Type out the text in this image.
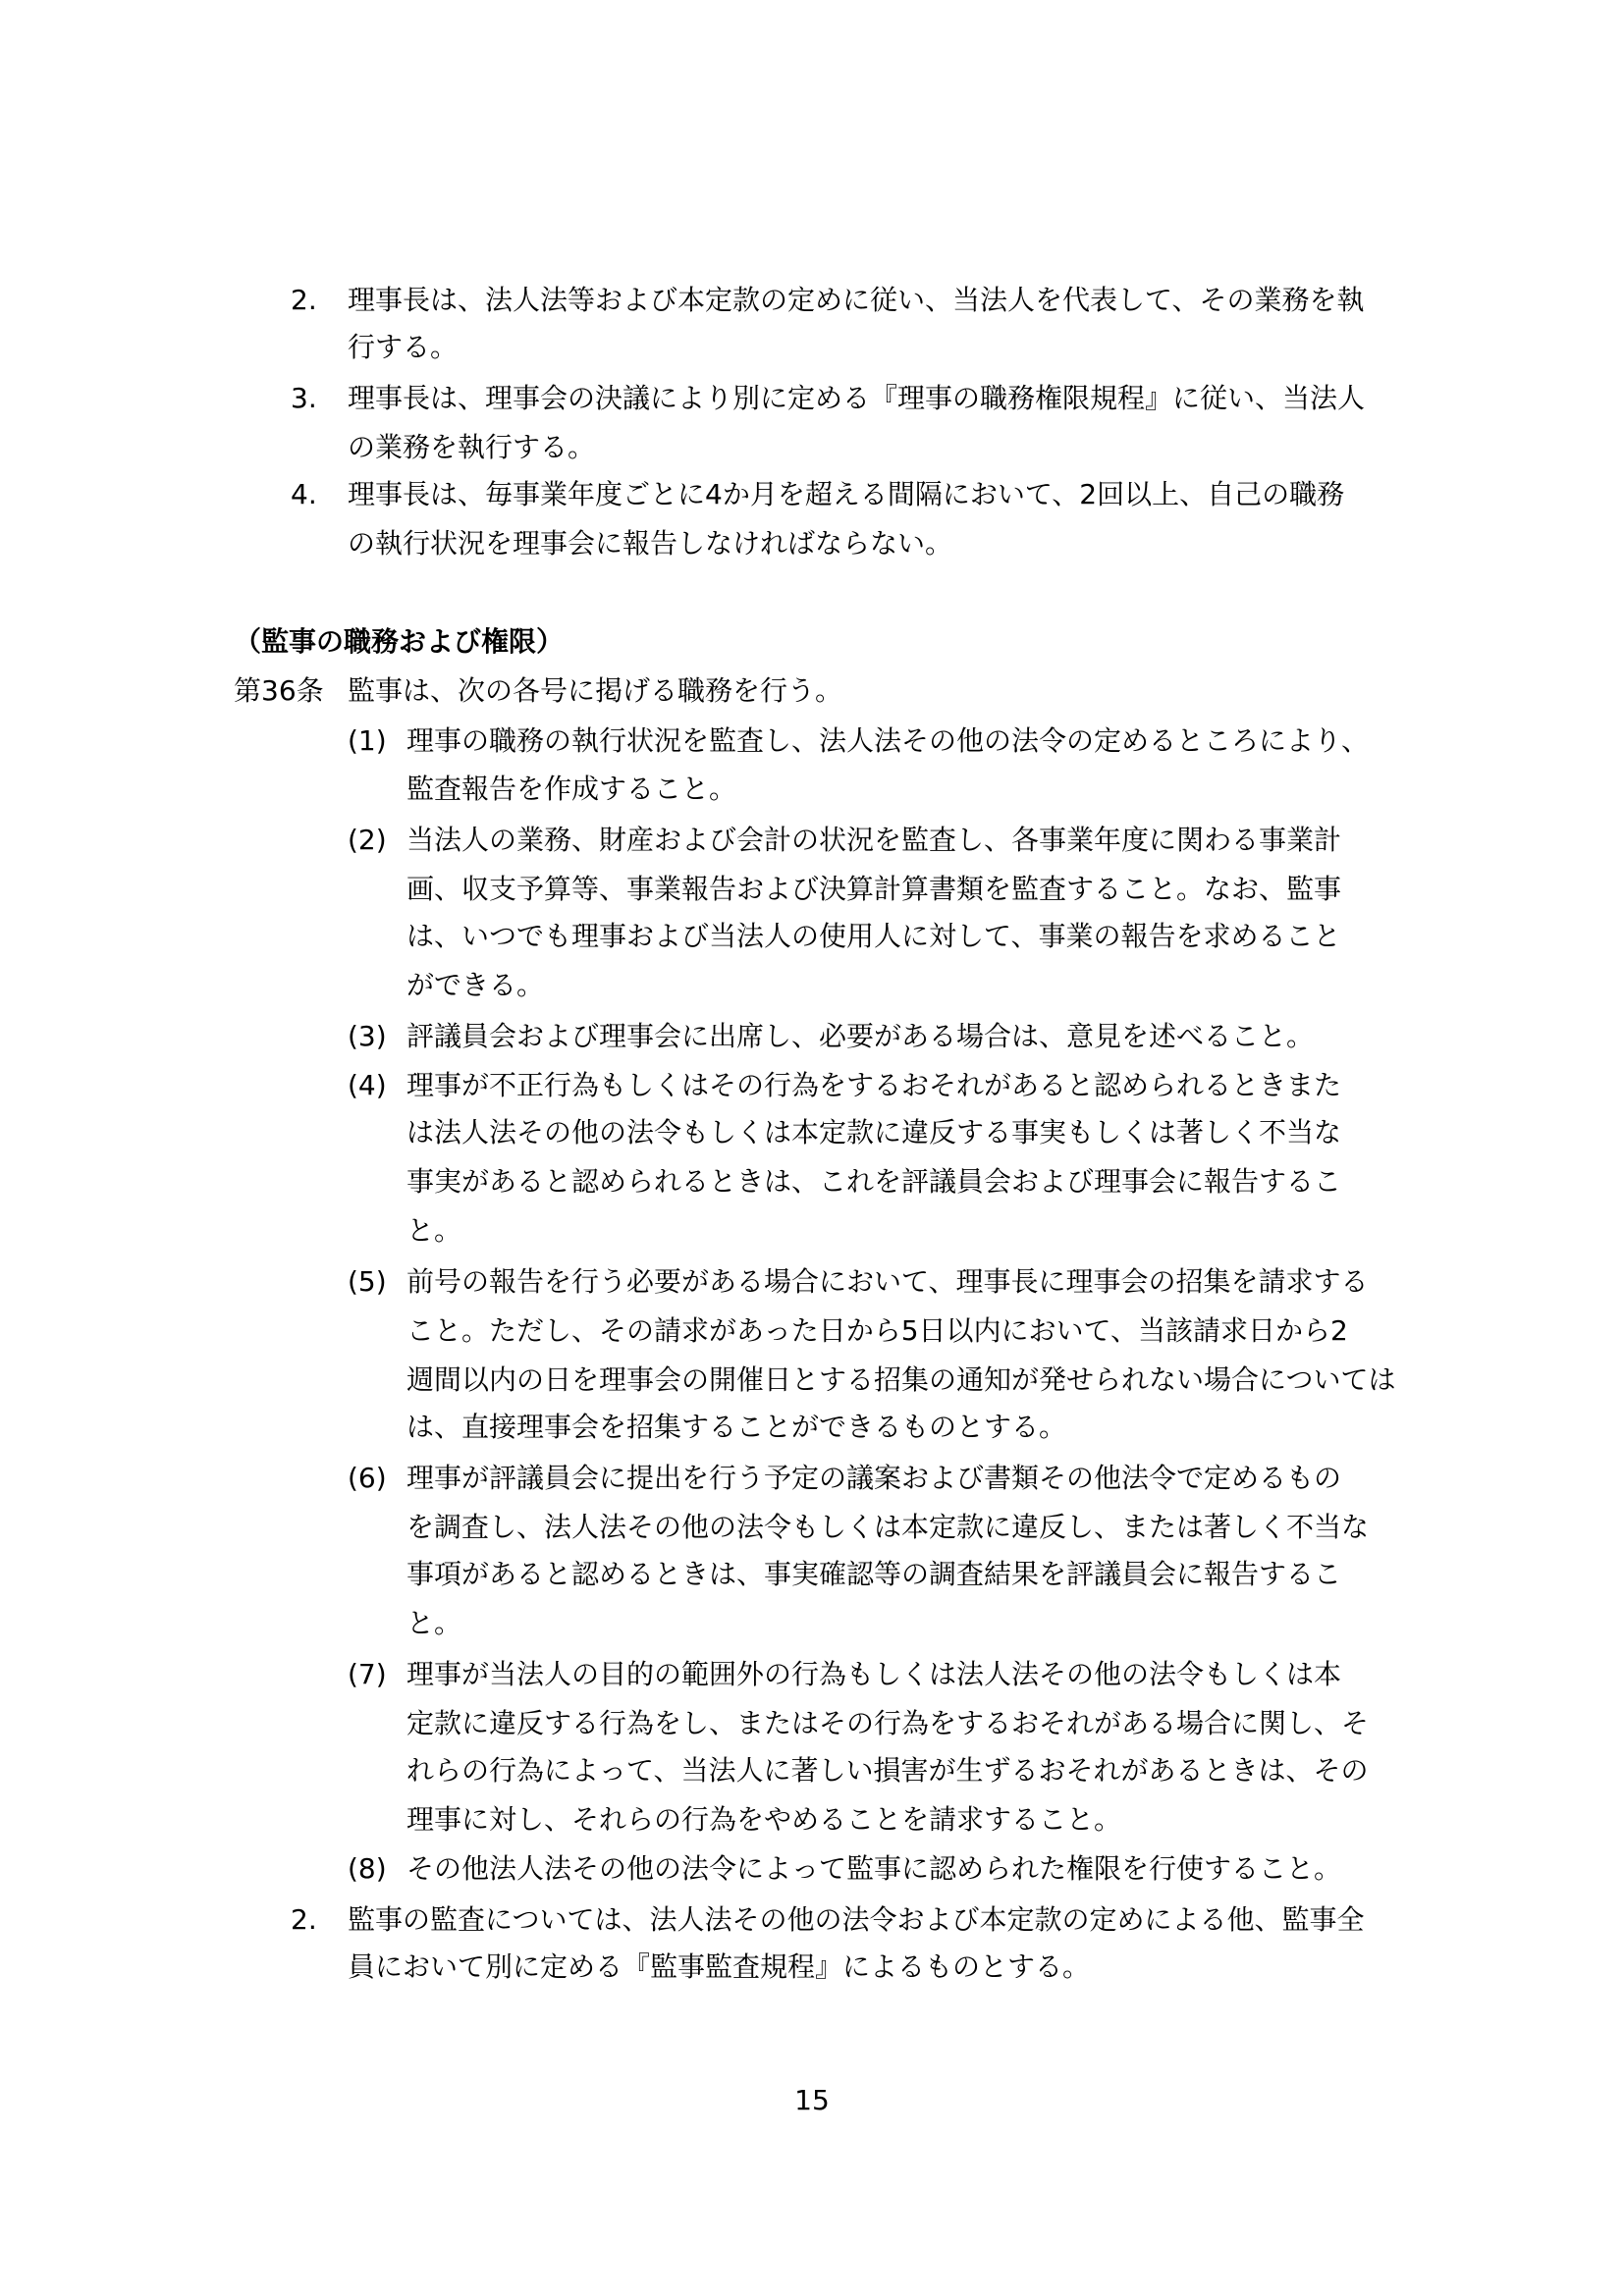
2. 理事長は、法人法等および本定款の定めに従い、当法人を代表して、その業務を執
行する。
3. 理事長は、理事会の決議により別に定める『理事の職務権限規程』に従い、当法人
の業務を執行する。
4. 理事長は、毎事業年度ごとに4か月を超える間隔において、2回以上、自己の職務
の執行状況を理事会に報告しなければならない。
（監事の職務および権限）
第36条 監事は、次の各号に掲げる職務を行う。
(1) 理事の職務の執行状況を監査し、法人法その他の法令の定めるところにより、
監査報告を作成すること。
(2) 当法人の業務、財産および会計の状況を監査し、各事業年度に関わる事業計
画、収支予算等、事業報告および決算計算書類を監査すること。なお、監事
は、いつでも理事および当法人の使用人に対して、事業の報告を求めること
ができる。
(3) 評議員会および理事会に出席し、必要がある場合は、意見を述べること。
(4) 理事が不正行為もしくはその行為をするおそれがあると認められるときまた
は法人法その他の法令もしくは本定款に違反する事実もしくは著しく不当な
事実があると認められるときは、これを評議員会および理事会に報告するこ
と。
(5) 前号の報告を行う必要がある場合において、理事長に理事会の招集を請求する
こと。ただし、その請求があった日から5日以内において、当該請求日から2
週間以内の日を理事会の開催日とする招集の通知が発せられない場合については
は、直接理事会を招集することができるものとする。
(6) 理事が評議員会に提出を行う予定の議案および書類その他法令で定めるもの
を調査し、法人法その他の法令もしくは本定款に違反し、または著しく不当な
事項があると認めるときは、事実確認等の調査結果を評議員会に報告するこ
と。
(7) 理事が当法人の目的の範囲外の行為もしくは法人法その他の法令もしくは本
定款に違反する行為をし、またはその行為をするおそれがある場合に関し、そ
れらの行為によって、当法人に著しい損害が生ずるおそれがあるときは、その
理事に対し、それらの行為をやめることを請求すること。
(8) その他法人法その他の法令によって監事に認められた権限を行使すること。
2. 監事の監査については、法人法その他の法令および本定款の定めによる他、監事全
員において別に定める『監事監査規程』によるものとする。
15
